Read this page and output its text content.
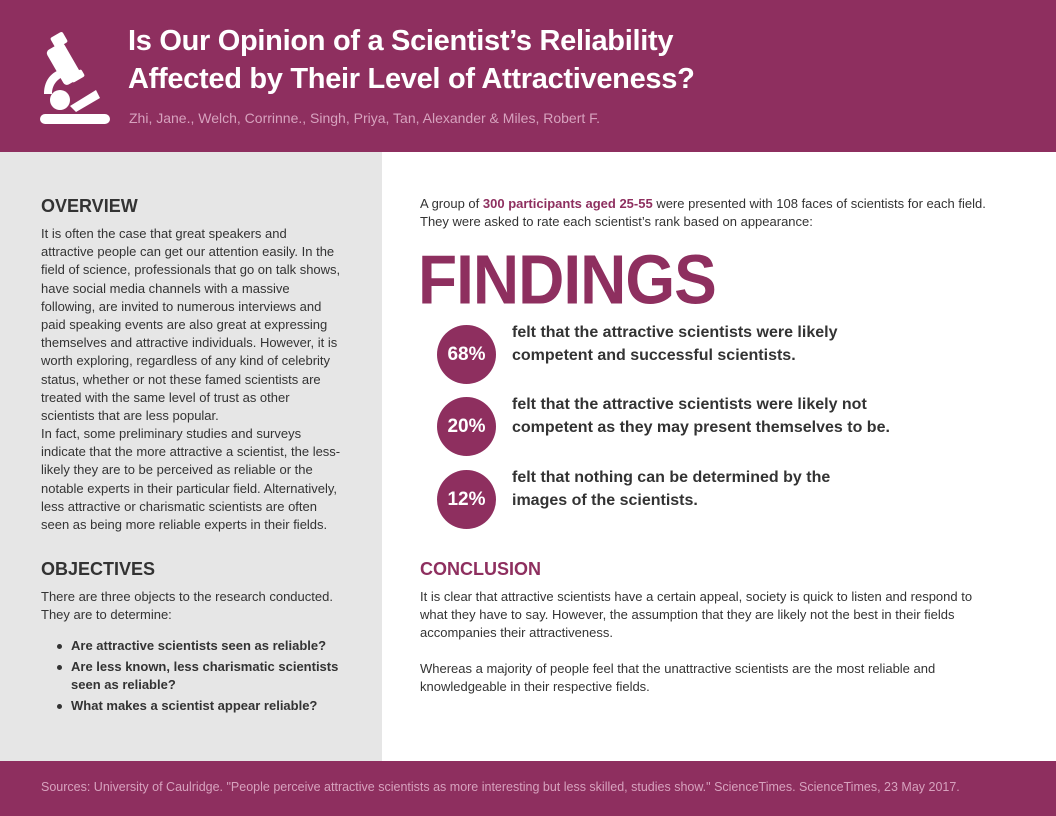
Is Our Opinion of a Scientist’s Reliability
Affected by Their Level of Attractiveness?
Zhi, Jane., Welch, Corrinne., Singh, Priya, Tan, Alexander & Miles, Robert F.
OVERVIEW

It is often the case that great speakers and attractive people can get our attention easily. In the field of science, professionals that go on talk shows, have social media channels with a massive following, are invited to numerous interviews and paid speaking events are also great at expressing themselves and attractive individuals. However, it is worth exploring, regardless of any kind of celebrity status, whether or not these famed scientists are treated with the same level of trust as other scientists that are less popular.

In fact, some preliminary studies and surveys indicate that the more attractive a scientist, the less-likely they are to be perceived as reliable or the notable experts in their particular field. Alternatively, less attractive or charismatic scientists are often seen as being more reliable experts in their fields.

OBJECTIVES

There are three objects to the research conducted. They are to determine:

Are attractive scientists seen as reliable?
Are less known, less charismatic scientists seen as reliable?
What makes a scientist appear reliable?

A group of 300 participants aged 25-55 were presented with 108 faces of scientists for each field. They were asked to rate each scientist’s rank based on appearance:

FINDINGS
68%
felt that the attractive scientists were likely competent and successful scientists.
20%
felt that the attractive scientists were likely not competent as they may present themselves to be.
12%
felt that nothing can be determined by the images of the scientists.
CONCLUSION

It is clear that attractive scientists have a certain appeal, society is quick to listen and respond to what they have to say. However, the assumption that they are likely not the best in their fields accompanies their attractiveness.

Whereas a majority of people feel that the unattractive scientists are the most reliable and knowledgeable in their respective fields.

Sources: University of Caulridge. "People perceive attractive scientists as more interesting but less skilled, studies show." ScienceTimes. ScienceTimes, 23 May 2017.
